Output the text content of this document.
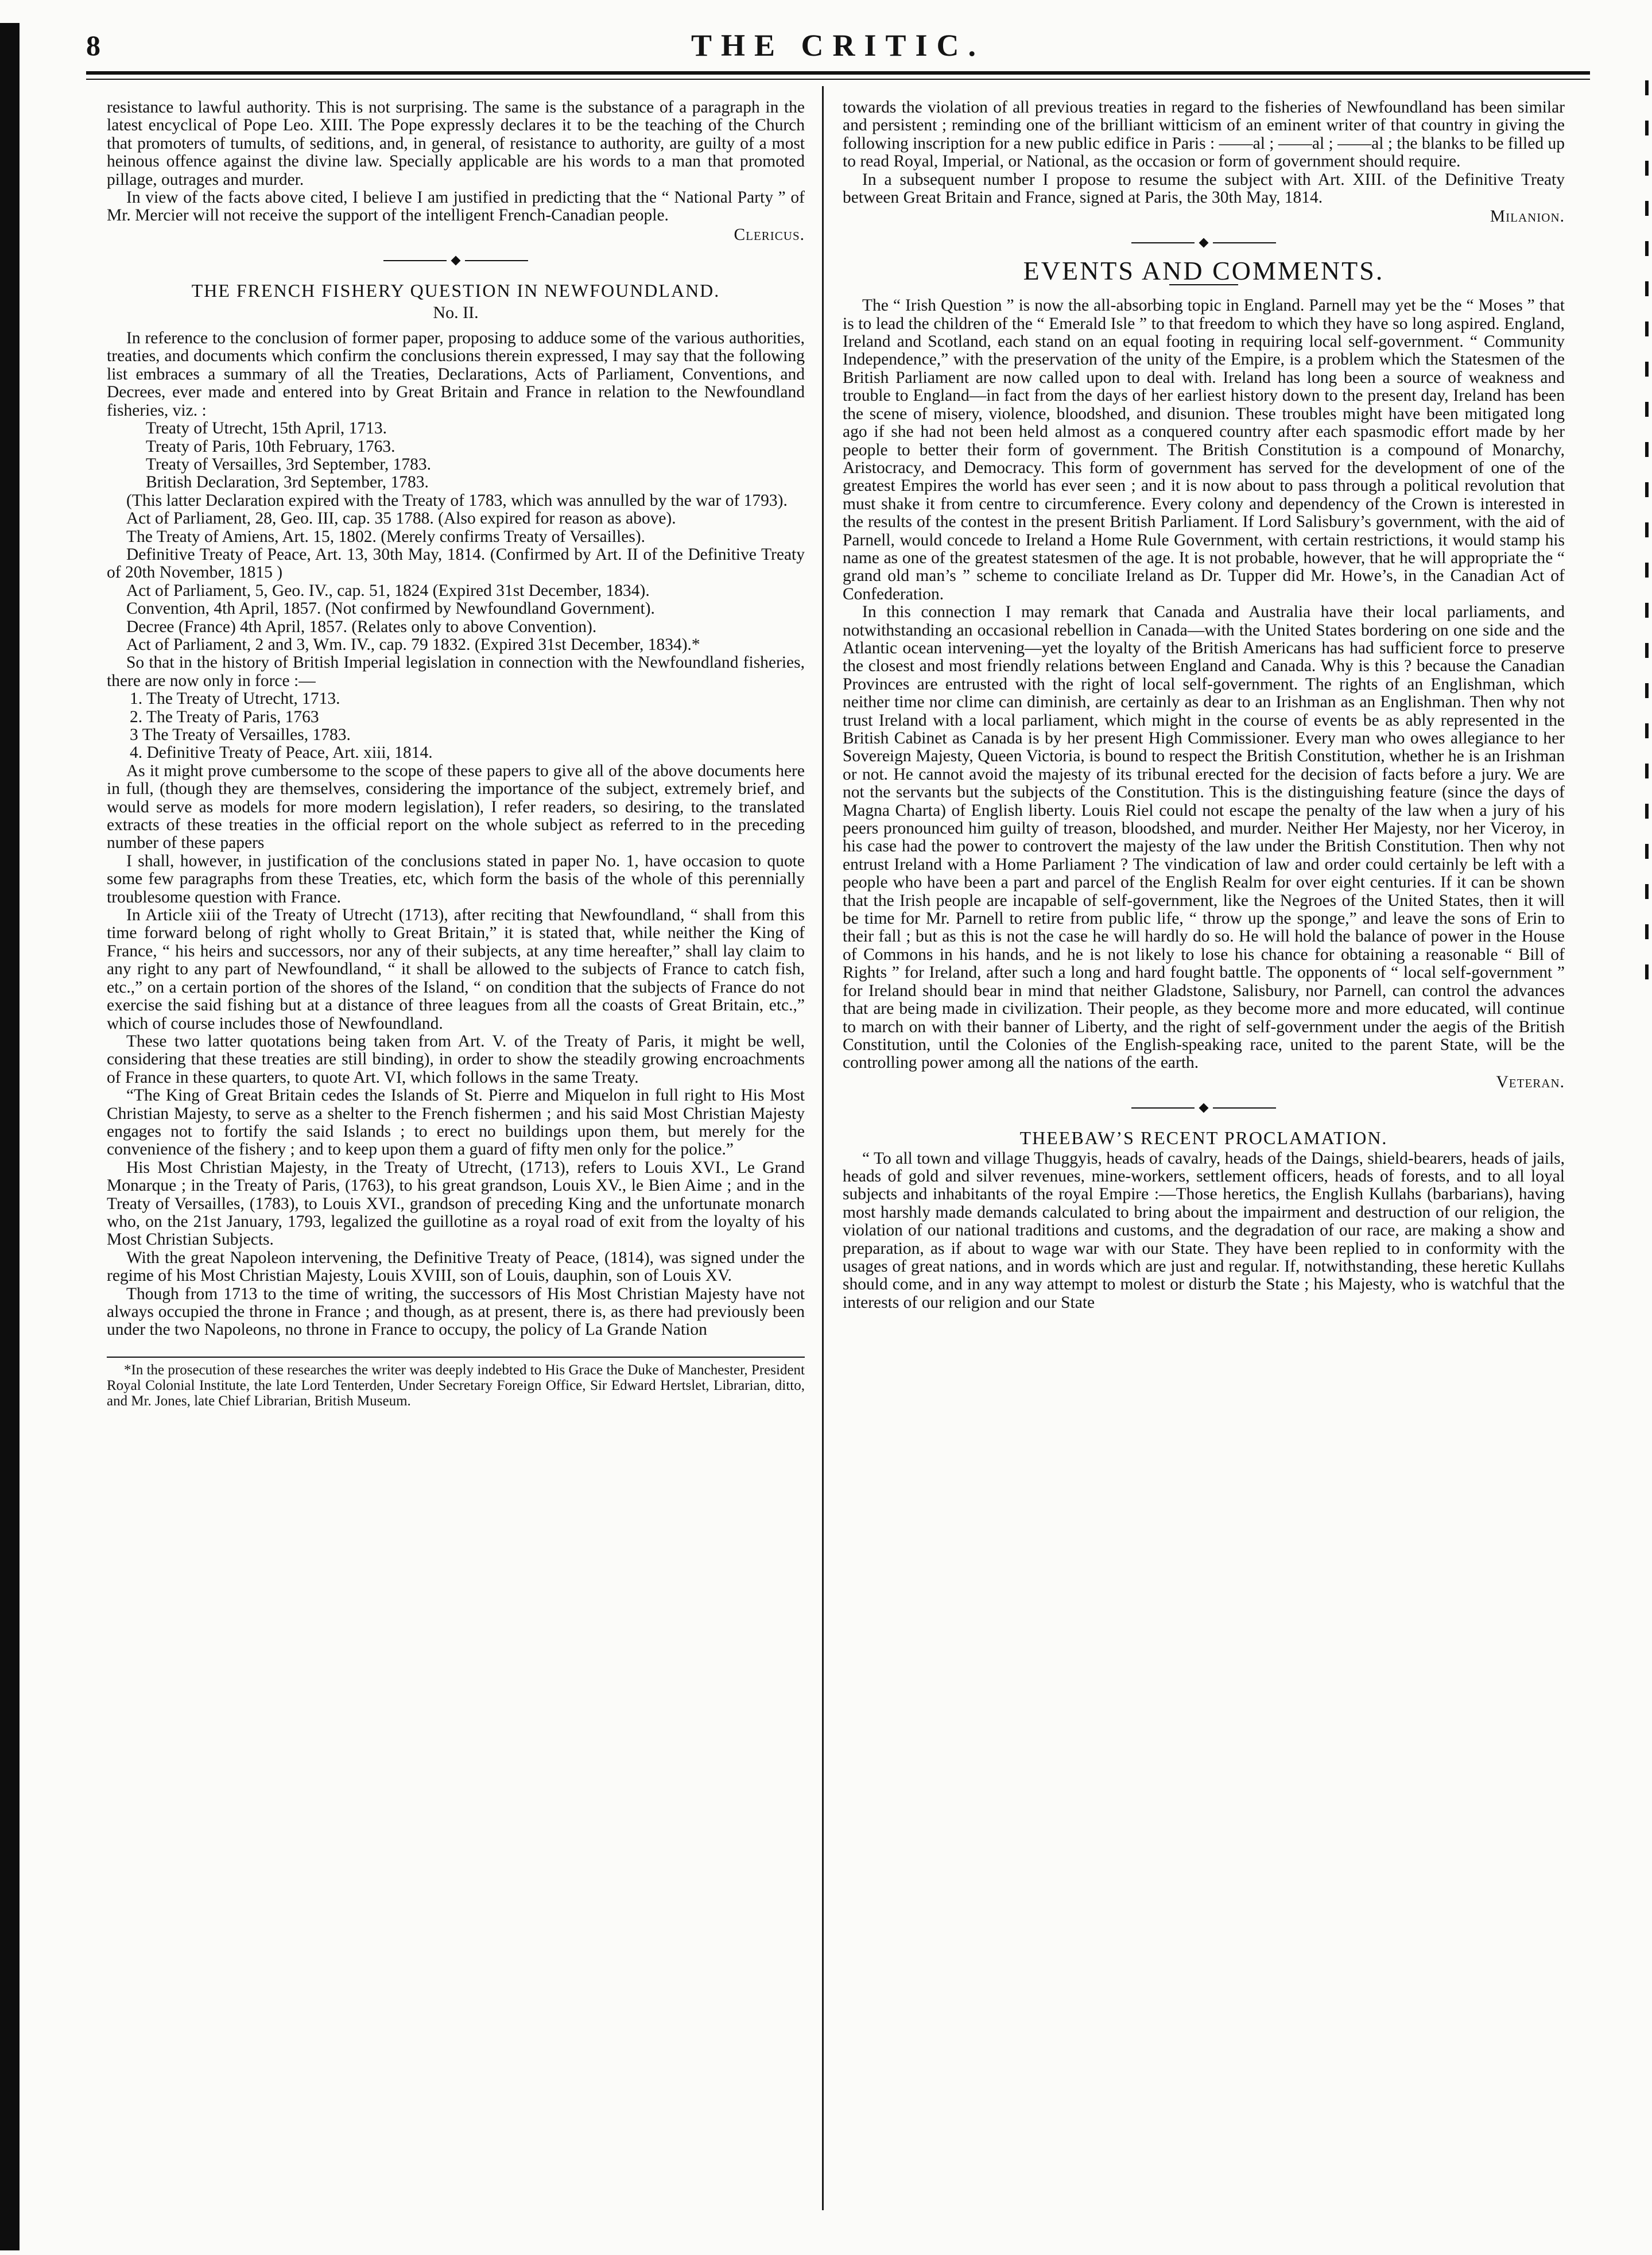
8	THE CRITIC.

resistance to lawful authority. This is not surprising. The same is the substance of a paragraph in the latest encyclical of Pope Leo. XIII. The Pope expressly declares it to be the teaching of the Church that promoters of tumults, of seditions, and, in general, of resistance to authority, are guilty of a most heinous offence against the divine law. Specially applicable are his words to a man that promoted pillage, outrages and murder.

In view of the facts above cited, I believe I am justified in predicting that the “ National Party ” of Mr. Mercier will not receive the support of the intelligent French-Canadian people.

Clericus.

THE FRENCH FISHERY QUESTION IN NEWFOUNDLAND.

No. II.

In reference to the conclusion of former paper, proposing to adduce some of the various authorities, treaties, and documents which confirm the conclusions therein expressed, I may say that the following list embraces a summary of all the Treaties, Declarations, Acts of Parliament, Conventions, and Decrees, ever made and entered into by Great Britain and France in relation to the Newfoundland fisheries, viz. :

Treaty of Utrecht, 15th April, 1713.
Treaty of Paris, 10th February, 1763.
Treaty of Versailles, 3rd September, 1783.
British Declaration, 3rd September, 1783.

(This latter Declaration expired with the Treaty of 1783, which was annulled by the war of 1793).

Act of Parliament, 28, Geo. III, cap. 35 1788. (Also expired for reason as above).

The Treaty of Amiens, Art. 15, 1802. (Merely confirms Treaty of Versailles).

Definitive Treaty of Peace, Art. 13, 30th May, 1814. (Confirmed by Art. II of the Definitive Treaty of 20th November, 1815 )

Act of Parliament, 5, Geo. IV., cap. 51, 1824 (Expired 31st December, 1834).

Convention, 4th April, 1857. (Not confirmed by Newfoundland Government).

Decree (France) 4th April, 1857. (Relates only to above Convention).

Act of Parliament, 2 and 3, Wm. IV., cap. 79 1832. (Expired 31st December, 1834).*

So that in the history of British Imperial legislation in connection with the Newfoundland fisheries, there are now only in force :—

1. The Treaty of Utrecht, 1713.
2. The Treaty of Paris, 1763
3 The Treaty of Versailles, 1783.
4. Definitive Treaty of Peace, Art. xiii, 1814.

As it might prove cumbersome to the scope of these papers to give all of the above documents here in full, (though they are themselves, considering the importance of the subject, extremely brief, and would serve as models for more modern legislation), I refer readers, so desiring, to the translated extracts of these treaties in the official report on the whole subject as referred to in the preceding number of these papers

I shall, however, in justification of the conclusions stated in paper No. 1, have occasion to quote some few paragraphs from these Treaties, etc, which form the basis of the whole of this perennially troublesome question with France.

In Article xiii of the Treaty of Utrecht (1713), after reciting that Newfoundland, “ shall from this time forward belong of right wholly to Great Britain,” it is stated that, while neither the King of France, “ his heirs and successors, nor any of their subjects, at any time hereafter,” shall lay claim to any right to any part of Newfoundland, “ it shall be allowed to the subjects of France to catch fish, etc.,” on a certain portion of the shores of the Island, “ on condition that the subjects of France do not exercise the said fishing but at a distance of three leagues from all the coasts of Great Britain, etc.,” which of course includes those of Newfoundland.

These two latter quotations being taken from Art. V. of the Treaty of Paris, it might be well, considering that these treaties are still binding), in order to show the steadily growing encroachments of France in these quarters, to quote Art. VI, which follows in the same Treaty.

“The King of Great Britain cedes the Islands of St. Pierre and Miquelon in full right to His Most Christian Majesty, to serve as a shelter to the French fishermen ; and his said Most Christian Majesty engages not to fortify the said Islands ; to erect no buildings upon them, but merely for the convenience of the fishery ; and to keep upon them a guard of fifty men only for the police.”

His Most Christian Majesty, in the Treaty of Utrecht, (1713), refers to Louis XVI., Le Grand Monarque ; in the Treaty of Paris, (1763), to his great grandson, Louis XV., le Bien Aime ; and in the Treaty of Versailles, (1783), to Louis XVI., grandson of preceding King and the unfortunate monarch who, on the 21st January, 1793, legalized the guillotine as a royal road of exit from the loyalty of his Most Christian Subjects.

With the great Napoleon intervening, the Definitive Treaty of Peace, (1814), was signed under the regime of his Most Christian Majesty, Louis XVIII, son of Louis, dauphin, son of Louis XV.

Though from 1713 to the time of writing, the successors of His Most Christian Majesty have not always occupied the throne in France ; and though, as at present, there is, as there had previously been under the two Napoleons, no throne in France to occupy, the policy of La Grande Nation

*In the prosecution of these researches the writer was deeply indebted to His Grace the Duke of Manchester, President Royal Colonial Institute, the late Lord Tenterden, Under Secretary Foreign Office, Sir Edward Hertslet, Librarian, ditto, and Mr. Jones, late Chief Librarian, British Museum.

towards the violation of all previous treaties in regard to the fisheries of Newfoundland has been similar and persistent ; reminding one of the brilliant witticism of an eminent writer of that country in giving the following inscription for a new public edifice in Paris : ——al ; ——al ; ——al ; the blanks to be filled up to read Royal, Imperial, or National, as the occasion or form of government should require.

In a subsequent number I propose to resume the subject with Art. XIII. of the Definitive Treaty between Great Britain and France, signed at Paris, the 30th May, 1814.

Milanion.

EVENTS AND COMMENTS.

The “ Irish Question ” is now the all-absorbing topic in England. Parnell may yet be the “ Moses ” that is to lead the children of the “ Emerald Isle ” to that freedom to which they have so long aspired. England, Ireland and Scotland, each stand on an equal footing in requiring local self-government. “ Community Independence,” with the preservation of the unity of the Empire, is a problem which the Statesmen of the British Parliament are now called upon to deal with. Ireland has long been a source of weakness and trouble to England—in fact from the days of her earliest history down to the present day, Ireland has been the scene of misery, violence, bloodshed, and disunion. These troubles might have been mitigated long ago if she had not been held almost as a conquered country after each spasmodic effort made by her people to better their form of government. The British Constitution is a compound of Monarchy, Aristocracy, and Democracy. This form of government has served for the development of one of the greatest Empires the world has ever seen ; and it is now about to pass through a political revolution that must shake it from centre to circumference. Every colony and dependency of the Crown is interested in the results of the contest in the present British Parliament. If Lord Salisbury’s government, with the aid of Parnell, would concede to Ireland a Home Rule Government, with certain restrictions, it would stamp his name as one of the greatest statesmen of the age. It is not probable, however, that he will appropriate the “ grand old man’s ” scheme to conciliate Ireland as Dr. Tupper did Mr. Howe’s, in the Canadian Act of Confederation.

In this connection I may remark that Canada and Australia have their local parliaments, and notwithstanding an occasional rebellion in Canada—with the United States bordering on one side and the Atlantic ocean intervening—yet the loyalty of the British Americans has had sufficient force to preserve the closest and most friendly relations between England and Canada. Why is this ? because the Canadian Provinces are entrusted with the right of local self-government. The rights of an Englishman, which neither time nor clime can diminish, are certainly as dear to an Irishman as an Englishman. Then why not trust Ireland with a local parliament, which might in the course of events be as ably represented in the British Cabinet as Canada is by her present High Commissioner. Every man who owes allegiance to her Sovereign Majesty, Queen Victoria, is bound to respect the British Constitution, whether he is an Irishman or not. He cannot avoid the majesty of its tribunal erected for the decision of facts before a jury. We are not the servants but the subjects of the Constitution. This is the distinguishing feature (since the days of Magna Charta) of English liberty. Louis Riel could not escape the penalty of the law when a jury of his peers pronounced him guilty of treason, bloodshed, and murder. Neither Her Majesty, nor her Viceroy, in his case had the power to controvert the majesty of the law under the British Constitution. Then why not entrust Ireland with a Home Parliament ? The vindication of law and order could certainly be left with a people who have been a part and parcel of the English Realm for over eight centuries. If it can be shown that the Irish people are incapable of self-government, like the Negroes of the United States, then it will be time for Mr. Parnell to retire from public life, “ throw up the sponge,” and leave the sons of Erin to their fall ; but as this is not the case he will hardly do so. He will hold the balance of power in the House of Commons in his hands, and he is not likely to lose his chance for obtaining a reasonable “ Bill of Rights ” for Ireland, after such a long and hard fought battle. The opponents of “ local self-government ” for Ireland should bear in mind that neither Gladstone, Salisbury, nor Parnell, can control the advances that are being made in civilization. Their people, as they become more and more educated, will continue to march on with their banner of Liberty, and the right of self-government under the aegis of the British Constitution, until the Colonies of the English-speaking race, united to the parent State, will be the controlling power among all the nations of the earth.

Veteran.

THEEBAW’S RECENT PROCLAMATION.

“ To all town and village Thuggyis, heads of cavalry, heads of the Daings, shield-bearers, heads of jails, heads of gold and silver revenues, mine-workers, settlement officers, heads of forests, and to all loyal subjects and inhabitants of the royal Empire :—Those heretics, the English Kullahs (barbarians), having most harshly made demands calculated to bring about the impairment and destruction of our religion, the violation of our national traditions and customs, and the degradation of our race, are making a show and preparation, as if about to wage war with our State. They have been replied to in conformity with the usages of great nations, and in words which are just and regular. If, notwithstanding, these heretic Kullahs should come, and in any way attempt to molest or disturb the State ; his Majesty, who is watchful that the interests of our religion and our State
